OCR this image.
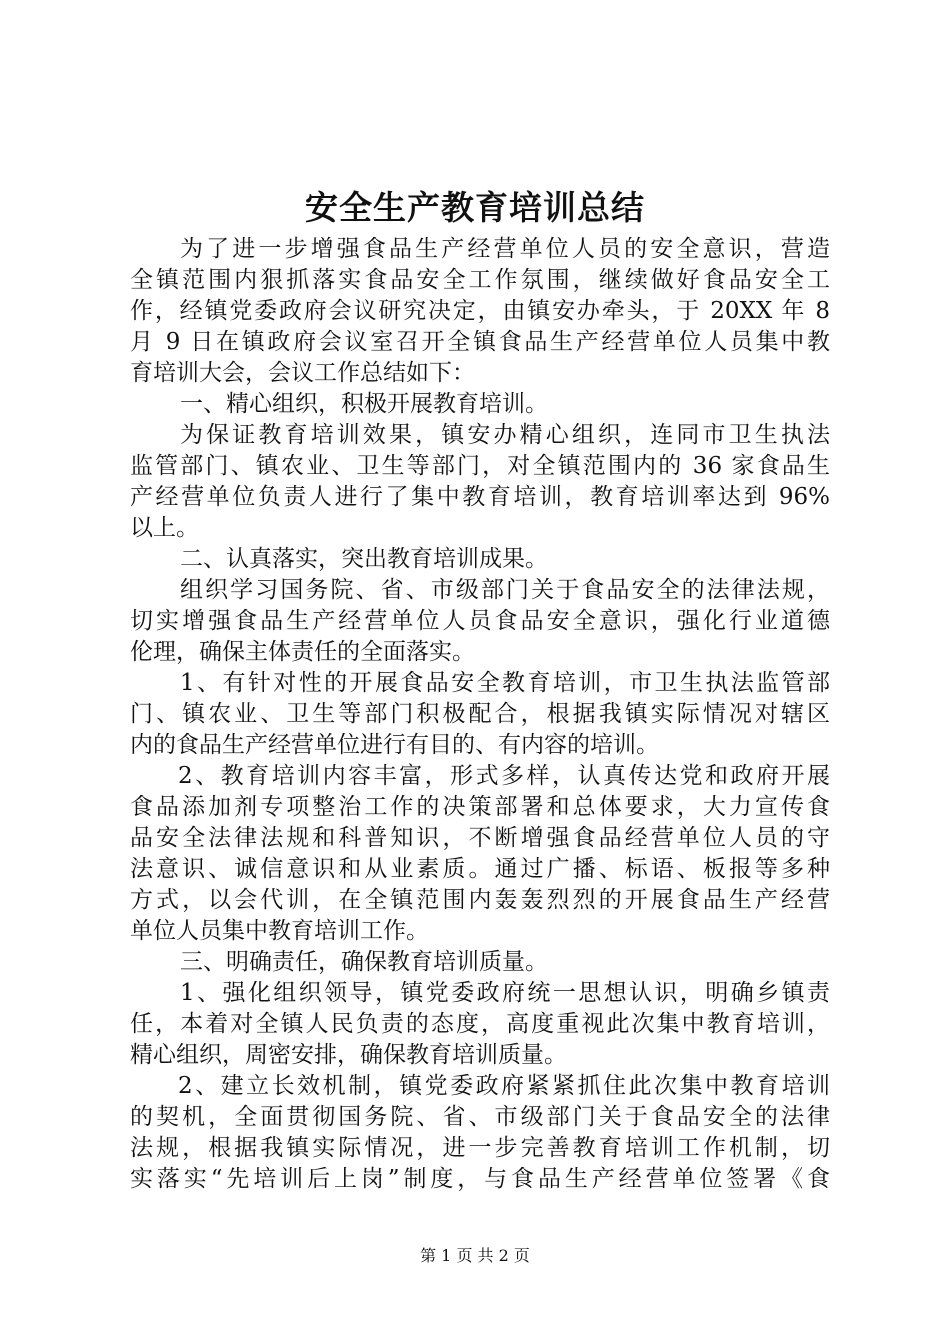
安全生产教育培训总结
为了进一步增强食品生产经营单位人员的安全意识，营造
全镇范围内狠抓落实食品安全工作氛围，继续做好食品安全工
作，经镇党委政府会议研究决定，由镇安办牵头，于 20XX 年 8
月 9 日在镇政府会议室召开全镇食品生产经营单位人员集中教
育培训大会，会议工作总结如下：
一、精心组织，积极开展教育培训。
为保证教育培训效果，镇安办精心组织，连同市卫生执法
监管部门、镇农业、卫生等部门，对全镇范围内的 36 家食品生
产经营单位负责人进行了集中教育培训，教育培训率达到 96%
以上。
二、认真落实，突出教育培训成果。
组织学习国务院、省、市级部门关于食品安全的法律法规，
切实增强食品生产经营单位人员食品安全意识，强化行业道德
伦理，确保主体责任的全面落实。
1、有针对性的开展食品安全教育培训，市卫生执法监管部
门、镇农业、卫生等部门积极配合，根据我镇实际情况对辖区
内的食品生产经营单位进行有目的、有内容的培训。
2、教育培训内容丰富，形式多样，认真传达党和政府开展
食品添加剂专项整治工作的决策部署和总体要求，大力宣传食
品安全法律法规和科普知识，不断增强食品经营单位人员的守
法意识、诚信意识和从业素质。通过广播、标语、板报等多种
方式，以会代训，在全镇范围内轰轰烈烈的开展食品生产经营
单位人员集中教育培训工作。
三、明确责任，确保教育培训质量。
1、强化组织领导，镇党委政府统一思想认识，明确乡镇责
任，本着对全镇人民负责的态度，高度重视此次集中教育培训，
精心组织，周密安排，确保教育培训质量。
2、建立长效机制，镇党委政府紧紧抓住此次集中教育培训
的契机，全面贯彻国务院、省、市级部门关于食品安全的法律
法规，根据我镇实际情况，进一步完善教育培训工作机制，切
实落实“先培训后上岗”制度，与食品生产经营单位签署《食
第 1 页 共 2 页
